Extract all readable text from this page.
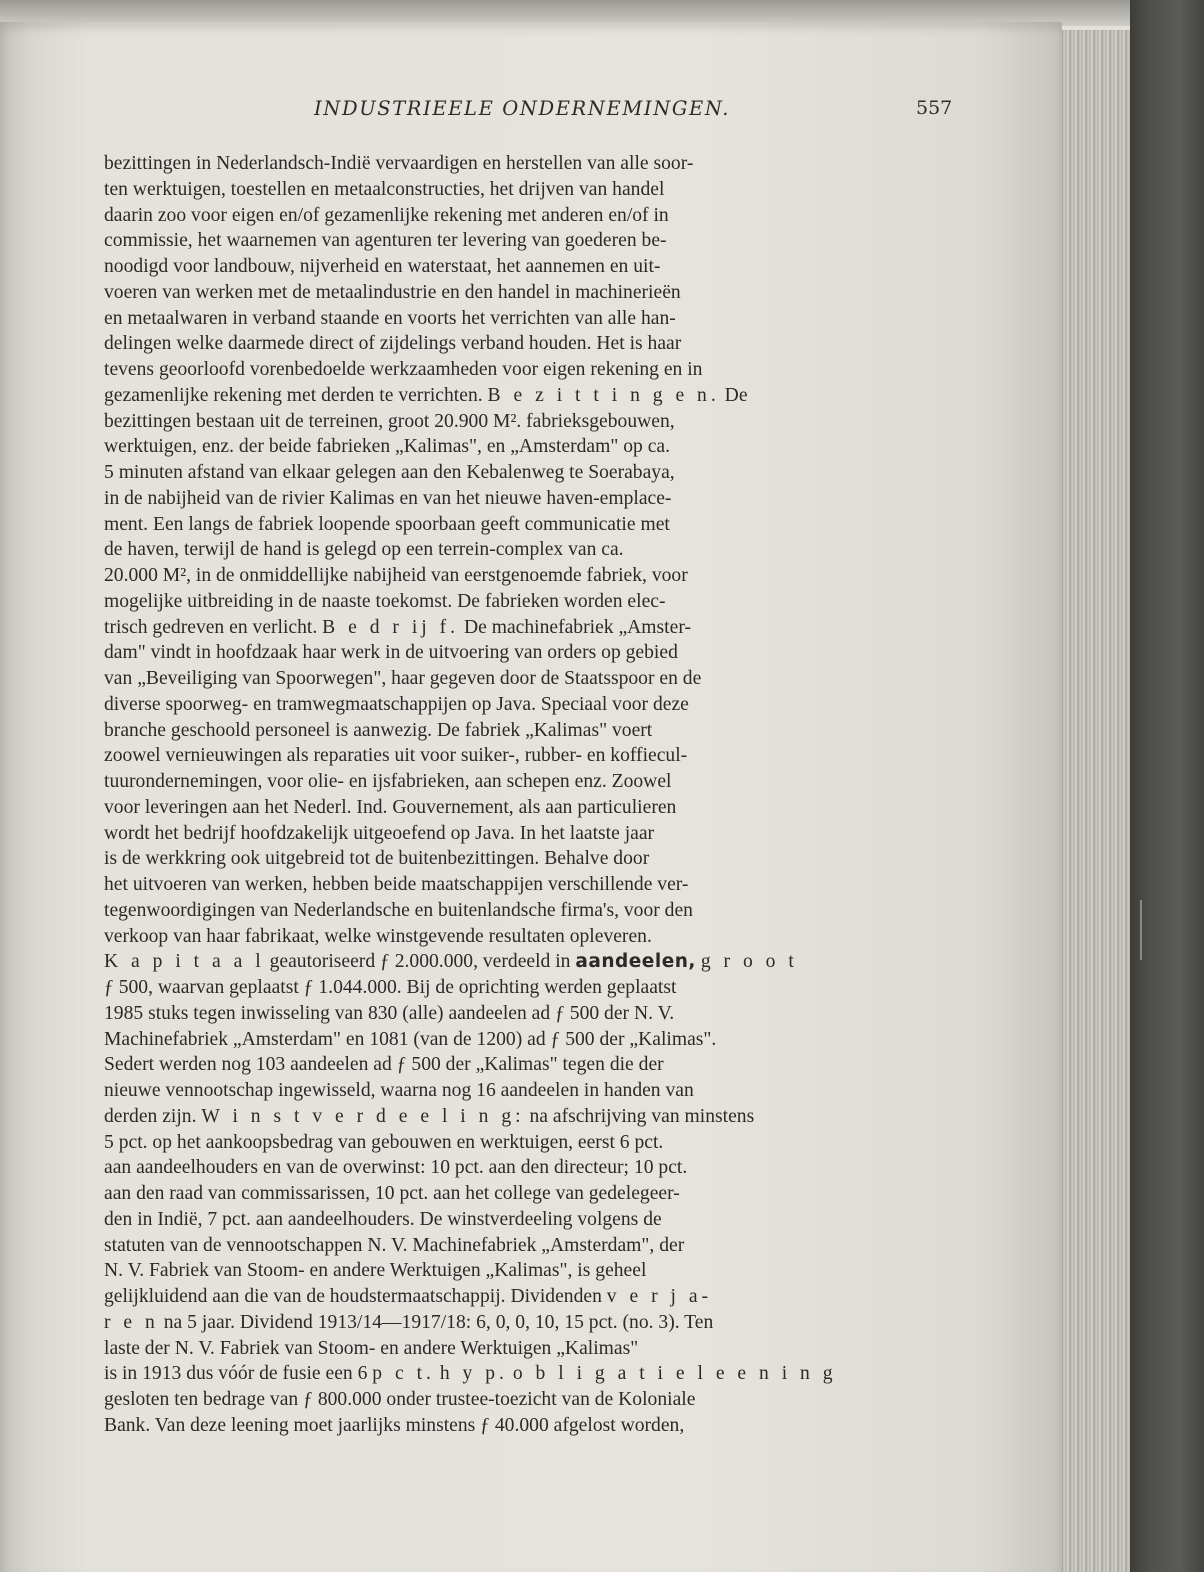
INDUSTRIEELE ONDERNEMINGEN.	557
bezittingen in Nederlandsch-Indië vervaardigen en herstellen van alle soor-
ten werktuigen, toestellen en metaalconstructies, het drijven van handel
daarin zoo voor eigen en/of gezamenlijke rekening met anderen en/of in
commissie, het waarnemen van agenturen ter levering van goederen be-
noodigd voor landbouw, nijverheid en waterstaat, het aannemen en uit-
voeren van werken met de metaalindustrie en den handel in machinerieën
en metaalwaren in verband staande en voorts het verrichten van alle han-
delingen welke daarmede direct of zijdelings verband houden. Het is haar
tevens geoorloofd vorenbedoelde werkzaamheden voor eigen rekening en in
gezamenlijke rekening met derden te verrichten. B e z i t t i n g e n. De
bezittingen bestaan uit de terreinen, groot 20.900 M². fabrieksgebouwen,
werktuigen, enz. der beide fabrieken „Kalimas", en „Amsterdam" op ca.
5 minuten afstand van elkaar gelegen aan den Kebalenweg te Soerabaya,
in de nabijheid van de rivier Kalimas en van het nieuwe haven-emplace-
ment. Een langs de fabriek loopende spoorbaan geeft communicatie met
de haven, terwijl de hand is gelegd op een terrein-complex van ca.
20.000 M², in de onmiddellijke nabijheid van eerstgenoemde fabriek, voor
mogelijke uitbreiding in de naaste toekomst. De fabrieken worden elec-
trisch gedreven en verlicht. B e d r ij f. De machinefabriek „Amster-
dam" vindt in hoofdzaak haar werk in de uitvoering van orders op gebied
van „Beveiliging van Spoorwegen", haar gegeven door de Staatsspoor en de
diverse spoorweg- en tramwegmaatschappijen op Java. Speciaal voor deze
branche geschoold personeel is aanwezig. De fabriek „Kalimas" voert
zoowel vernieuwingen als reparaties uit voor suiker-, rubber- en koffiecul-
tuurondernemingen, voor olie- en ijsfabrieken, aan schepen enz. Zoowel
voor leveringen aan het Nederl. Ind. Gouvernement, als aan particulieren
wordt het bedrijf hoofdzakelijk uitgeoefend op Java. In het laatste jaar
is de werkkring ook uitgebreid tot de buitenbezittingen. Behalve door
het uitvoeren van werken, hebben beide maatschappijen verschillende ver-
tegenwoordigingen van Nederlandsche en buitenlandsche firma's, voor den
verkoop van haar fabrikaat, welke winstgevende resultaten opleveren.
K a p i t a a l geautoriseerd ƒ 2.000.000, verdeeld in aandeelen, g r o o t
ƒ 500, waarvan geplaatst ƒ 1.044.000. Bij de oprichting werden geplaatst
1985 stuks tegen inwisseling van 830 (alle) aandeelen ad ƒ 500 der N. V.
Machinefabriek „Amsterdam" en 1081 (van de 1200) ad ƒ 500 der „Kalimas".
Sedert werden nog 103 aandeelen ad ƒ 500 der „Kalimas" tegen die der
nieuwe vennootschap ingewisseld, waarna nog 16 aandeelen in handen van
derden zijn. W i n s t v e r d e e l i n g: na afschrijving van minstens
5 pct. op het aankoopsbedrag van gebouwen en werktuigen, eerst 6 pct.
aan aandeelhouders en van de overwinst: 10 pct. aan den directeur; 10 pct.
aan den raad van commissarissen, 10 pct. aan het college van gedelegeer-
den in Indië, 7 pct. aan aandeelhouders. De winstverdeeling volgens de
statuten van de vennootschappen N. V. Machinefabriek „Amsterdam", der
N. V. Fabriek van Stoom- en andere Werktuigen „Kalimas", is geheel
gelijkluidend aan die van de houdstermaatschappij. Dividenden v e r j a-
r e n na 5 jaar. Dividend 1913/14—1917/18: 6, 0, 0, 10, 15 pct. (no. 3). Ten
laste der N. V. Fabriek van Stoom- en andere Werktuigen „Kalimas"
is in 1913 dus vóór de fusie een 6 p c t. h y p. o b l i g a t i e l e e n i n g
gesloten ten bedrage van ƒ 800.000 onder trustee-toezicht van de Koloniale
Bank. Van deze leening moet jaarlijks minstens ƒ 40.000 afgelost worden,
